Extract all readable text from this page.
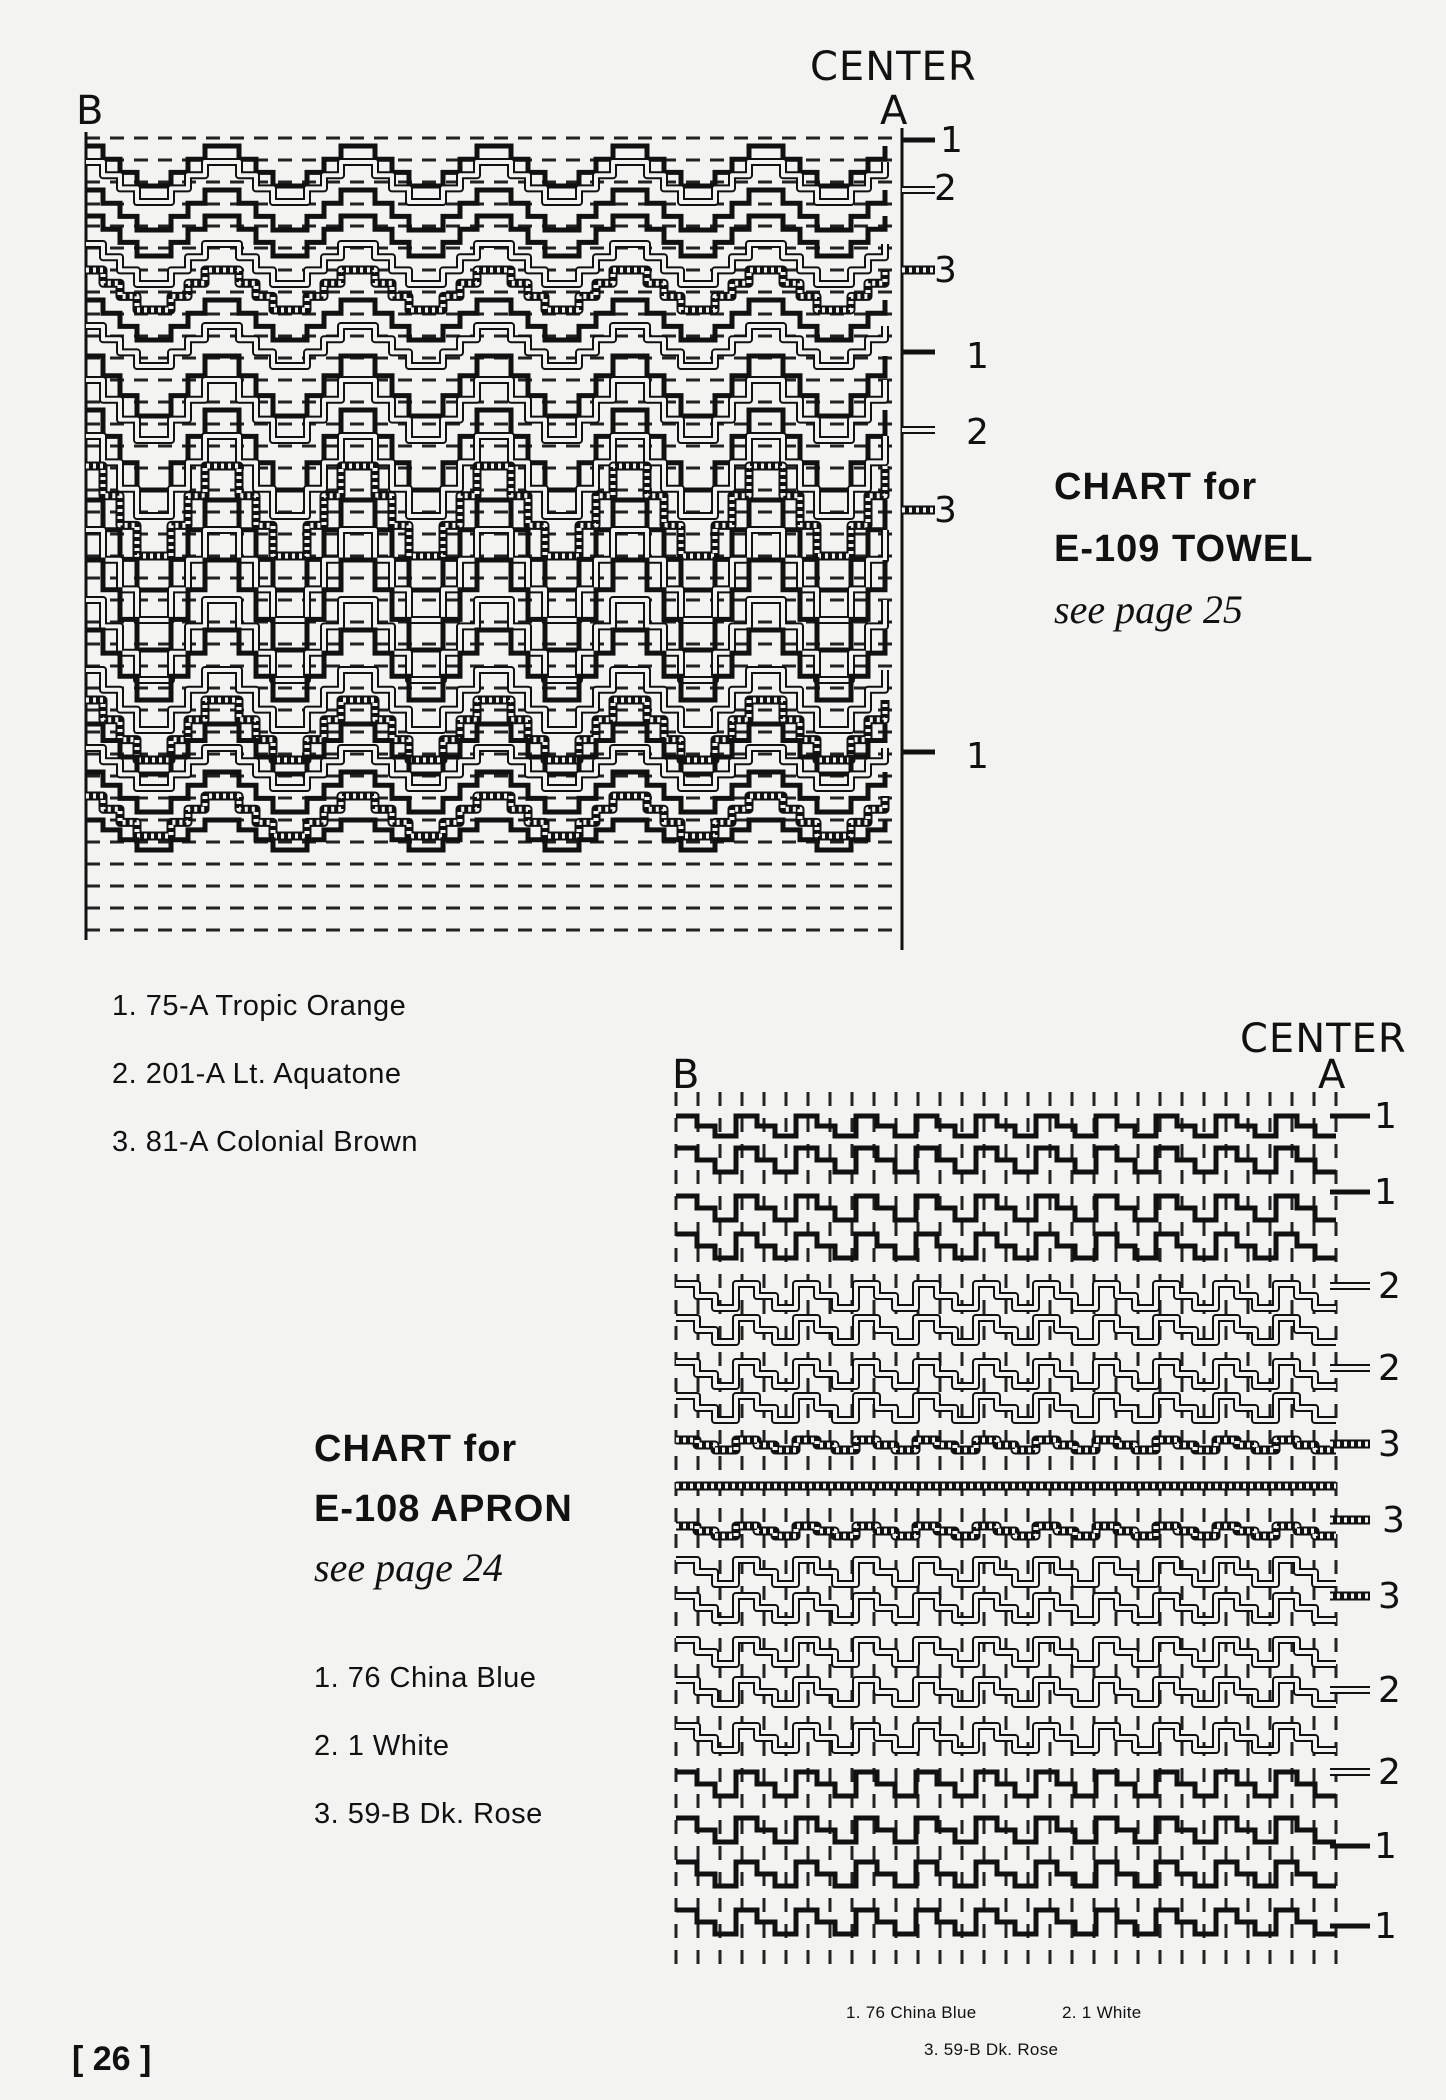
CENTER
B	A
1
2
3
1
2
3
1
CHART for
E-109 TOWEL
see page 25
1. 75-A Tropic Orange
2. 201-A Lt. Aquatone
3. 81-A Colonial Brown
CENTER
B	A
1
1
2
2
3
3
3
2
2
1
1
CHART for
E-108 APRON
see page 24
1. 76 China Blue
2. 1 White
3. 59-B Dk. Rose
1. 76 China Blue	2. 1 White
3. 59-B Dk. Rose
[ 26 ]
